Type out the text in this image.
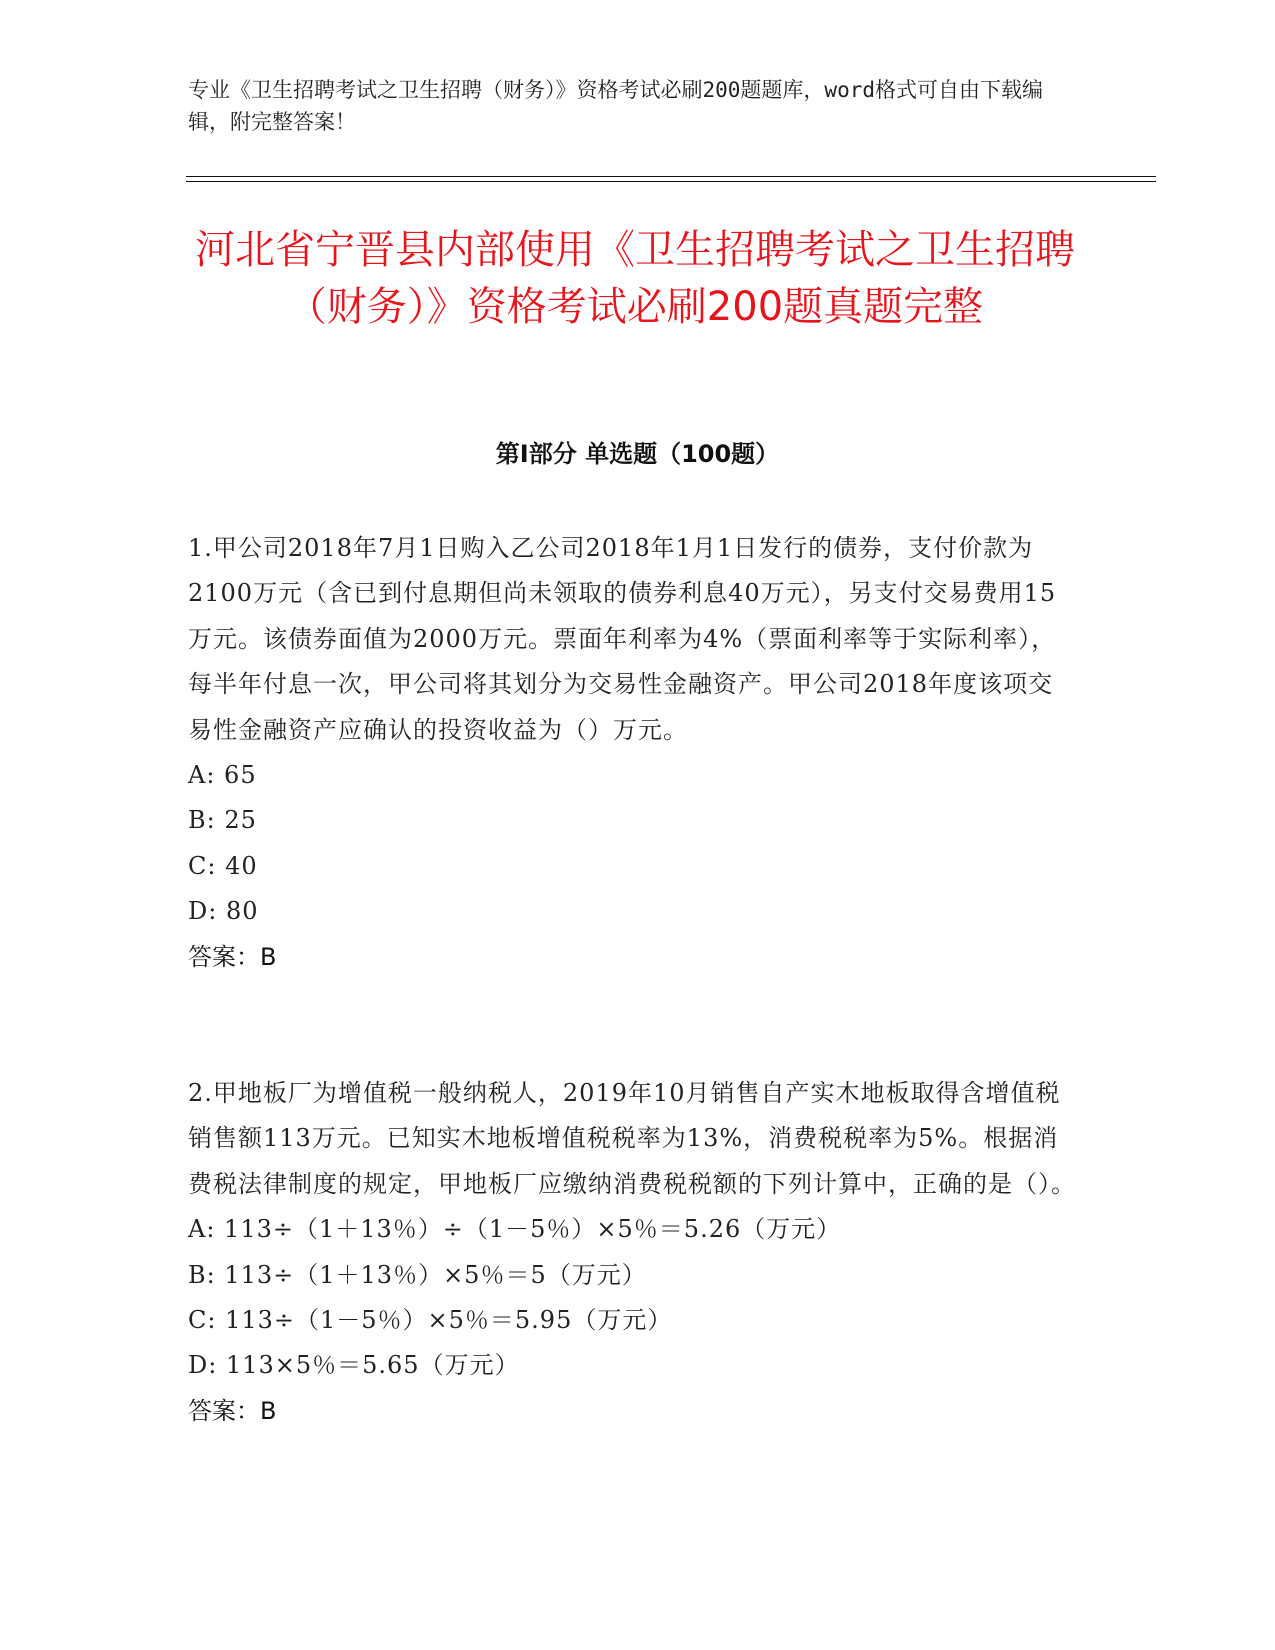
专业《卫生招聘考试之卫生招聘（财务）》资格考试必刷200题题库，word格式可自由下载编辑，附完整答案！
河北省宁晋县内部使用《卫生招聘考试之卫生招聘（财务）》资格考试必刷200题真题完整
第Ⅰ部分 单选题（100题）
1.甲公司2018年7月1日购入乙公司2018年1月1日发行的债券，支付价款为2100万元（含已到付息期但尚未领取的债券利息40万元），另支付交易费用15万元。该债券面值为2000万元。票面年利率为4%（票面利率等于实际利率），每半年付息一次，甲公司将其划分为交易性金融资产。甲公司2018年度该项交易性金融资产应确认的投资收益为（）万元。
A: 65
B: 25
C: 40
D: 80
答案：B
2.甲地板厂为增值税一般纳税人，2019年10月销售自产实木地板取得含增值税销售额113万元。已知实木地板增值税税率为13%，消费税税率为5%。根据消费税法律制度的规定，甲地板厂应缴纳消费税税额的下列计算中，正确的是（）。
A: 113÷（1＋13％）÷（1－5％）×5％＝5.26（万元）
B: 113÷（1＋13％）×5％＝5（万元）
C: 113÷（1－5％）×5％＝5.95（万元）
D: 113×5％＝5.65（万元）
答案：B
